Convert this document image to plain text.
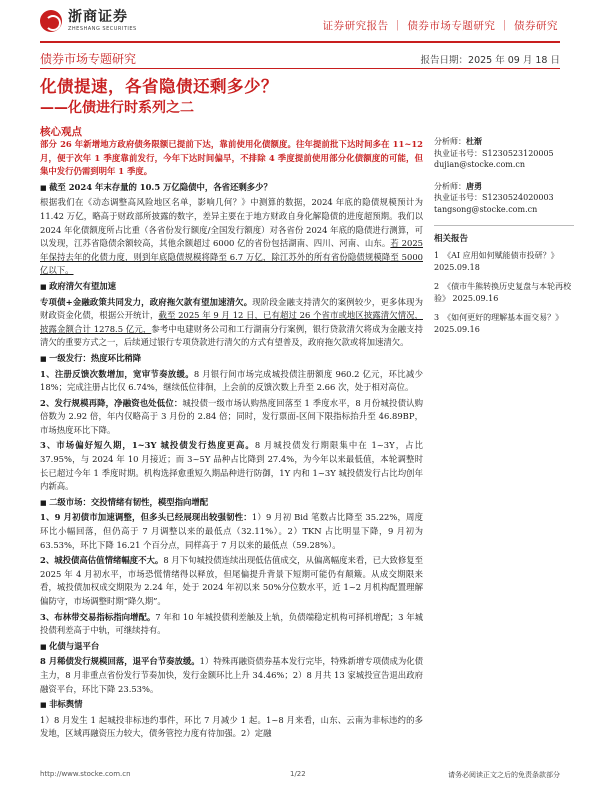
浙商证券
ZHESHANG SECURITIES	证券研究报告 ｜ 债券市场专题研究 ｜ 债券研究
债券市场专题研究	报告日期：2025 年 09 月 18 日
化债提速，各省隐债还剩多少？
——化债进行时系列之二
核心观点

部分 26 年新增地方政府债务限额已提前下达，靠前使用化债额度。往年提前批下达时间多在 11~12 月，便于次年 1 季度靠前发行，今年下达时间偏早，不排除 4 季度提前使用部分化债额度的可能，但集中发行仍需到明年 1 季度。

■ 截至 2024 年末存量的 10.5 万亿隐债中，各省还剩多少？

根据我们在《动态调整高风险地区名单，影响几何？》中测算的数据，2024 年底的隐债规模预计为 11.42 万亿，略高于财政部所披露的数字，差异主要在于地方财政自身化解隐债的进度超预期。我们以 2024 年化债额度所占比重（各省份发行额度/全国发行额度）对各省份 2024 年底的隐债进行测算，可以发现，江苏省隐债余额较高，其他余额超过 6000 亿的省份包括湖南、四川、河南、山东。若 2025 年保持去年的化债力度，则到年底隐债规模将降至 6.7 万亿，除江苏外的所有省份隐债规模降至 5000 亿以下。

■ 政府清欠有望加速

专项债+金融政策共同发力，政府拖欠款有望加速清欠。现阶段金融支持清欠的案例较少，更多体现为财政资金化债，根据公开统计，截至 2025 年 9 月 12 日，已有超过 26 个省市或地区披露清欠情况，披露金额合计 1278.5 亿元，参考中电建财务公司和工行湖南分行案例，银行贷款清欠将成为金融支持清欠的重要方式之一，后续通过银行专项贷款进行清欠的方式有望普及，政府拖欠款或将加速清欠。

■ 一级发行：热度环比稍降

1、注册反馈次数增加，宽审节奏放缓。8 月银行间市场完成城投债注册额度 960.2 亿元，环比减少 18%；完成注册占比仅 6.74%，继续低位徘徊，上会前的反馈次数上升至 2.66 次，处于相对高位。

2、发行规模再降，净融资也处低位：城投债一级市场认购热度回落至 1 季度水平，8 月份城投债认购倍数为 2.92 倍，年内仅略高于 3 月份的 2.84 倍；同时，发行票面-区间下限指标抬升至 46.89BP，市场热度环比下降。

3、市场偏好短久期，1~3Y 城投债发行热度更高。8 月城投债发行期限集中在 1~3Y，占比 37.95%，与 2024 年 10 月接近；而 3~5Y 品种占比降到 27.4%，为今年以来最低值，本轮调整时长已超过今年 1 季度时期。机构选择愈重短久期品种进行防御，1Y 内和 1~3Y 城投债发行占比均创年内新高。

■ 二级市场：交投情绪有韧性，模型指向增配

1、9 月初债市加速调整，但多头已经展现出较强韧性：1）9 月初 Bid 笔数占比降至 35.22%，周度环比小幅回落，但仍高于 7 月调整以来的最低点（32.11%）。2）TKN 占比明显下降，9 月初为 63.53%，环比下降 16.21 个百分点，同样高于 7 月以来的最低点（59.28%）。

2、城投债高估值情绪幅度不大。8 月下旬城投债连续出现低估值成交，从偏离幅度来看，已大致修复至 2025 年 4 月初水平，市场恐慌情绪得以释放，但尾偏提升背景下短期可能仍有颠簸。从成交期限来看，城投债加权成交期限为 2.24 年，处于 2024 年初以来 50%分位数水平，近 1~2 月机构配置理解偏防守，市场调整时期“降久期”。

3、布林带交易指标指向增配。7 年和 10 年城投债利差触及上轨，负债端稳定机构可择机增配；3 年城投债利差高于中轨，可继续持有。

■ 化债与退平台

8 月稀债发行规模回落，退平台节奏放缓。1）特殊再融资债券基本发行完毕，特殊新增专项债成为化债主力，8 月非重点省份发行节奏加快，发行金额环比上升 34.46%；2）8 月共 13 家城投宣告退出政府融资平台，环比下降 23.53%。

■ 非标舆情

1）8 月发生 1 起城投非标违约事件，环比 7 月减少 1 起。1~8 月来看，山东、云南为非标违约的多发地，区域再融资压力较大，债务管控力度有待加强。2）定融

分析师：杜渐
执业证书号：S1230523120005
dujian@stocke.com.cn
分析师：唐勇
执业证书号：S1230524020003
tangsong@stocke.com.cn
相关报告
1 《AI 应用如何赋能债市投研？》 2025.09.18
2 《债市牛熊转换历史复盘与本轮再校验》 2025.09.16
3 《如何更好的理解基本面交易？》 2025.09.16
http://www.stocke.com.cn	1/22	请务必阅读正文之后的免责条款部分
